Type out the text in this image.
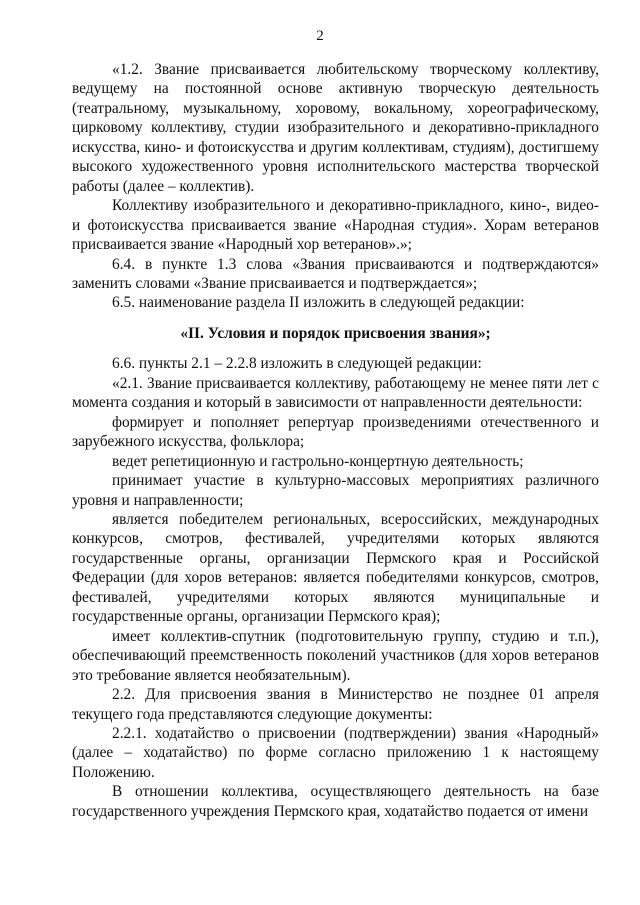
2

«1.2. Звание присваивается любительскому творческому коллективу, ведущему на постоянной основе активную творческую деятельность (театральному, музыкальному, хоровому, вокальному, хореографическому, цирковому коллективу, студии изобразительного и декоративно-прикладного искусства, кино- и фотоискусства и другим коллективам, студиям), достигшему высокого художественного уровня исполнительского мастерства творческой работы (далее – коллектив).

Коллективу изобразительного и декоративно-прикладного, кино-, видео- и фотоискусства присваивается звание «Народная студия». Хорам ветеранов присваивается звание «Народный хор ветеранов».»;

6.4. в пункте 1.3 слова «Звания присваиваются и подтверждаются» заменить словами «Звание присваивается и подтверждается»;

6.5. наименование раздела II изложить в следующей редакции:

«II. Условия и порядок присвоения звания»;

6.6. пункты 2.1 – 2.2.8 изложить в следующей редакции:

«2.1. Звание присваивается коллективу, работающему не менее пяти лет с момента создания и который в зависимости от направленности деятельности:

формирует и пополняет репертуар произведениями отечественного и зарубежного искусства, фольклора;

ведет репетиционную и гастрольно-концертную деятельность;

принимает участие в культурно-массовых мероприятиях различного уровня и направленности;

является победителем региональных, всероссийских, международных конкурсов, смотров, фестивалей, учредителями которых являются государственные органы, организации Пермского края и Российской Федерации (для хоров ветеранов: является победителями конкурсов, смотров, фестивалей, учредителями которых являются муниципальные и государственные органы, организации Пермского края);

имеет коллектив-спутник (подготовительную группу, студию и т.п.), обеспечивающий преемственность поколений участников (для хоров ветеранов это требование является необязательным).

2.2. Для присвоения звания в Министерство не позднее 01 апреля текущего года представляются следующие документы:

2.2.1. ходатайство о присвоении (подтверждении) звания «Народный» (далее – ходатайство) по форме согласно приложению 1 к настоящему Положению.

В отношении коллектива, осуществляющего деятельность на базе государственного учреждения Пермского края, ходатайство подается от имени
